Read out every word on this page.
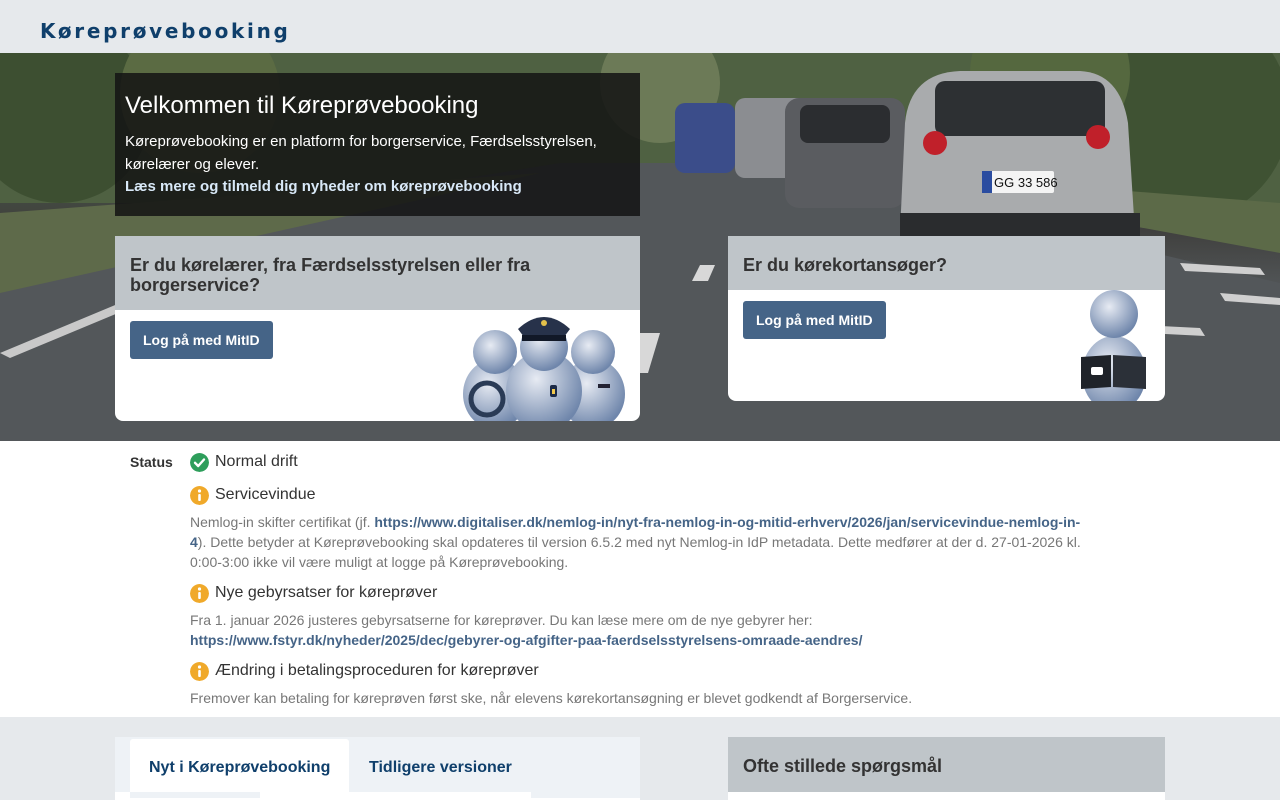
Køreprøvebooking
GG 33 586
Velkommen til Køreprøvebooking

Køreprøvebooking er en platform for borgerservice, Færdselsstyrelsen, kørelærer og elever.

Læs mere og tilmeld dig nyheder om køreprøvebooking
Er du kørelærer, fra Færdselsstyrelsen eller fra borgerservice?
Log på med MitID
Er du kørekortansøger?
Log på med MitID
Status	Normal drift
Servicevindue
Nemlog-in skifter certifikat (jf. https://www.digitaliser.dk/nemlog-in/nyt-fra-nemlog-in-og-mitid-erhverv/2026/jan/servicevindue-nemlog-in-4). Dette betyder at Køreprøvebooking skal opdateres til version 6.5.2 med nyt Nemlog-in IdP metadata. Dette medfører at der d. 27-01-2026 kl. 0:00-3:00 ikke vil være muligt at logge på Køreprøvebooking.
Nye gebyrsatser for køreprøver
Fra 1. januar 2026 justeres gebyrsatserne for køreprøver. Du kan læse mere om de nye gebyrer her:
https://www.fstyr.dk/nyheder/2025/dec/gebyrer-og-afgifter-paa-faerdselsstyrelsens-omraade-aendres/
Ændring i betalingsproceduren for køreprøver
Fremover kan betaling for køreprøven først ske, når elevens kørekortansøgning er blevet godkendt af Borgerservice.
Nyt i Køreprøvebooking	Tidligere versioner	Ofte stillede spørgsmål
